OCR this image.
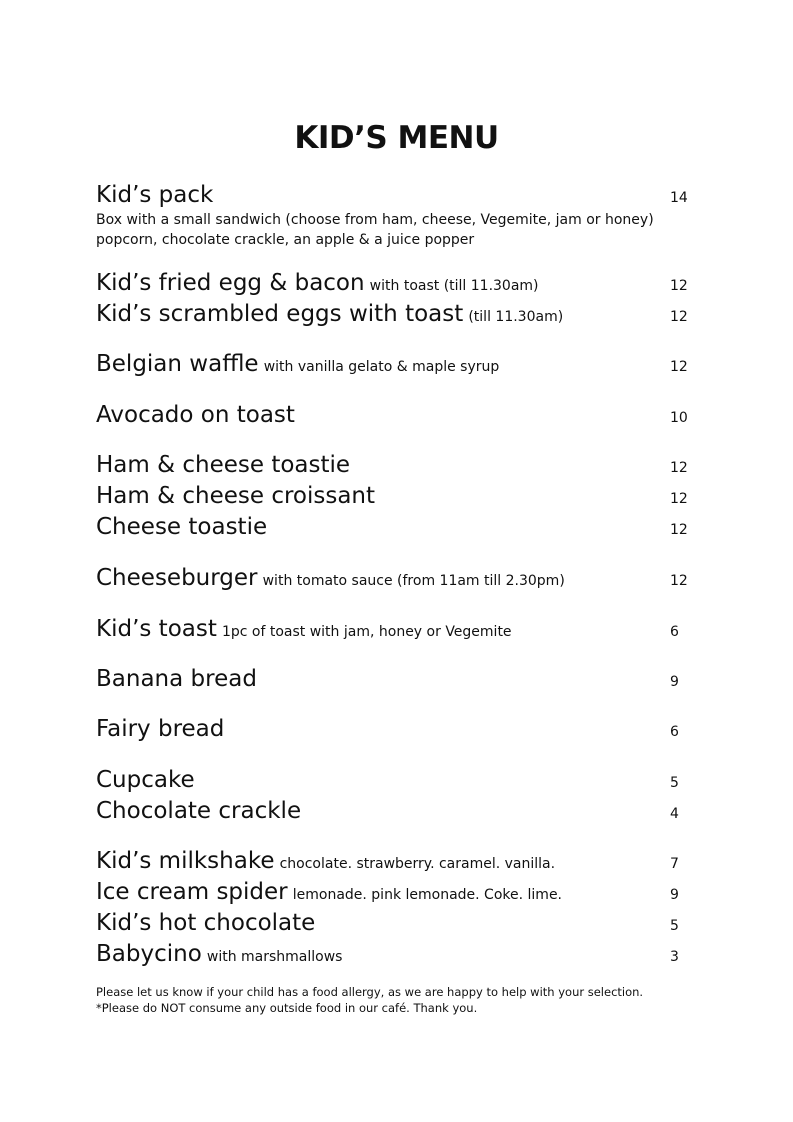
KID’S MENU
Kid’s pack	14
Box with a small sandwich (choose from ham, cheese, Vegemite, jam or honey)
popcorn, chocolate crackle, an apple & a juice popper
Kid’s fried egg & bacon with toast (till 11.30am)	12
Kid’s scrambled eggs with toast (till 11.30am)	12
Belgian waffle with vanilla gelato & maple syrup	12
Avocado on toast	10
Ham & cheese toastie	12
Ham & cheese croissant	12
Cheese toastie	12
Cheeseburger with tomato sauce (from 11am till 2.30pm)	12
Kid’s toast 1pc of toast with jam, honey or Vegemite	6
Banana bread	9
Fairy bread	6
Cupcake	5
Chocolate crackle	4
Kid’s milkshake chocolate. strawberry. caramel. vanilla.	7
Ice cream spider lemonade. pink lemonade. Coke. lime.	9
Kid’s hot chocolate	5
Babycino with marshmallows	3
Please let us know if your child has a food allergy, as we are happy to help with your selection.
*Please do NOT consume any outside food in our café. Thank you.
